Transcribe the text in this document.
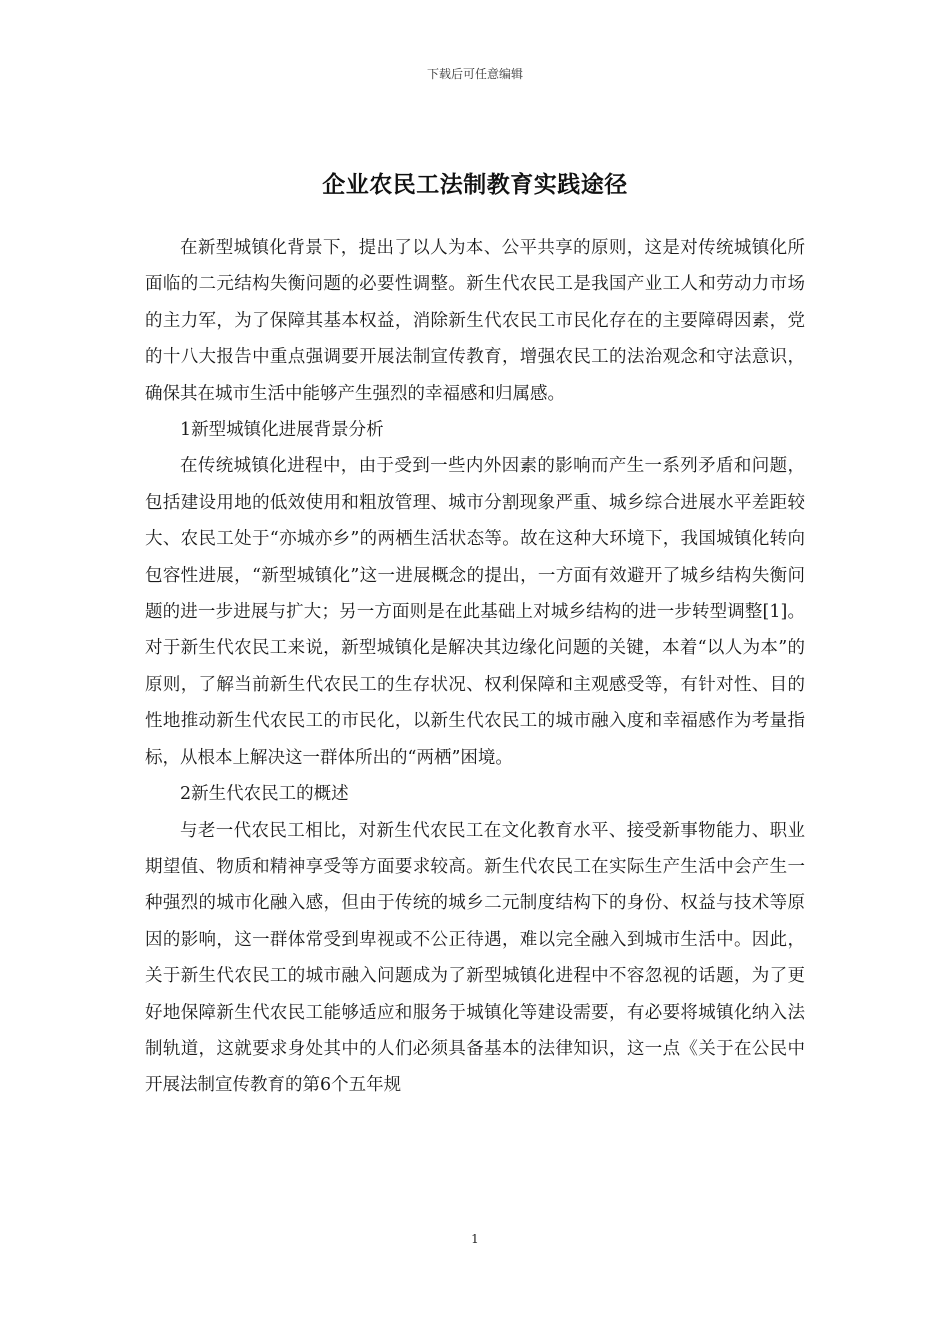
下载后可任意编辑
企业农民工法制教育实践途径

在新型城镇化背景下，提出了以人为本、公平共享的原则，这是对传统城镇化所面临的二元结构失衡问题的必要性调整。新生代农民工是我国产业工人和劳动力市场的主力军，为了保障其基本权益，消除新生代农民工市民化存在的主要障碍因素，党的十八大报告中重点强调要开展法制宣传教育，增强农民工的法治观念和守法意识，确保其在城市生活中能够产生强烈的幸福感和归属感。

1新型城镇化进展背景分析

在传统城镇化进程中，由于受到一些内外因素的影响而产生一系列矛盾和问题，包括建设用地的低效使用和粗放管理、城市分割现象严重、城乡综合进展水平差距较大、农民工处于“亦城亦乡”的两栖生活状态等。故在这种大环境下，我国城镇化转向包容性进展，“新型城镇化”这一进展概念的提出，一方面有效避开了城乡结构失衡问题的进一步进展与扩大；另一方面则是在此基础上对城乡结构的进一步转型调整[1]。对于新生代农民工来说，新型城镇化是解决其边缘化问题的关键，本着“以人为本”的原则，了解当前新生代农民工的生存状况、权利保障和主观感受等，有针对性、目的性地推动新生代农民工的市民化，以新生代农民工的城市融入度和幸福感作为考量指标，从根本上解决这一群体所出的“两栖”困境。

2新生代农民工的概述

与老一代农民工相比，对新生代农民工在文化教育水平、接受新事物能力、职业期望值、物质和精神享受等方面要求较高。新生代农民工在实际生产生活中会产生一种强烈的城市化融入感，但由于传统的城乡二元制度结构下的身份、权益与技术等原因的影响，这一群体常受到卑视或不公正待遇，难以完全融入到城市生活中。因此，关于新生代农民工的城市融入问题成为了新型城镇化进程中不容忽视的话题，为了更好地保障新生代农民工能够适应和服务于城镇化等建设需要，有必要将城镇化纳入法制轨道，这就要求身处其中的人们必须具备基本的法律知识，这一点《关于在公民中开展法制宣传教育的第6个五年规

1
